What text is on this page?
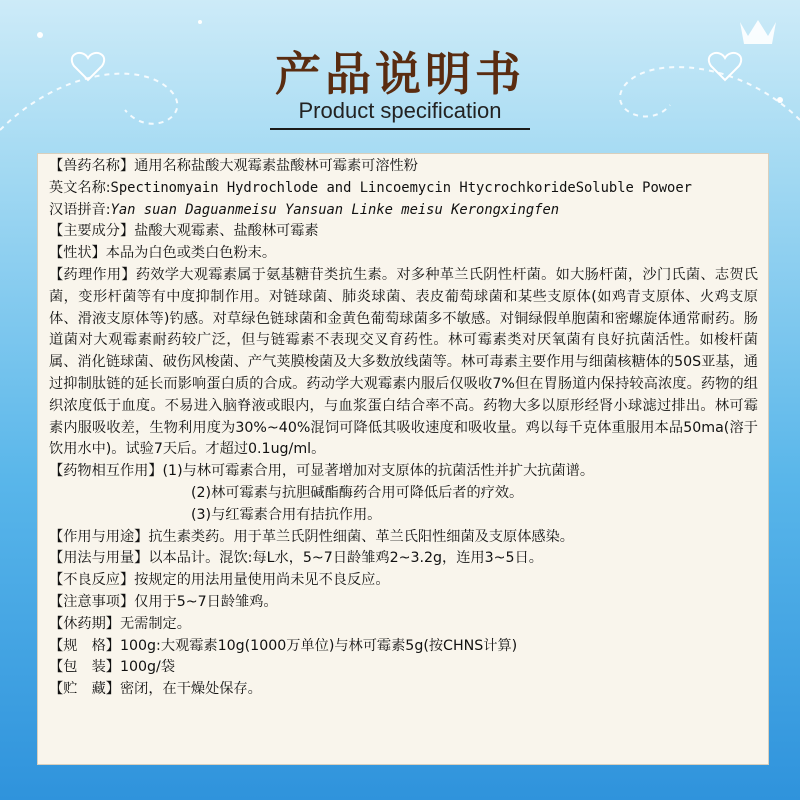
产品说明书
Product specification
【兽药名称】通用名称盐酸大观霉素盐酸林可霉素可溶性粉
英文名称:Spectinomyain Hydrochlode and Lincoemycin HtycrochkorideSoluble Powoer
汉语拼音:Yan suan Daguanmeisu Yansuan Linke meisu Kerongxingfen
【主要成分】盐酸大观霉素、盐酸林可霉素
【性状】本品为白色或类白色粉末。
【药理作用】药效学大观霉素属于氨基糖苷类抗生素。对多种革兰氏阴性杆菌。如大肠杆菌，沙门氏菌、志贺氏菌，变形杆菌等有中度抑制作用。对链球菌、肺炎球菌、表皮葡萄球菌和某些支原体(如鸡青支原体、火鸡支原体、滑液支原体等)钓感。对草绿色链球菌和金黄色葡萄球菌多不敏感。对铜绿假单胞菌和密螺旋体通常耐药。肠道菌对大观霉素耐药较广泛，但与链霉素不表现交叉育药性。林可霉素类对厌氧菌有良好抗菌活性。如梭杆菌属、消化链球菌、破伤风梭菌、产气荚膜梭菌及大多数放线菌等。林可毒素主要作用与细菌核糖体的50S亚基，通过抑制肽链的延长而影响蛋白质的合成。药动学大观霉素内服后仅吸收7%但在胃肠道内保持较高浓度。药物的组织浓度低于血度。不易进入脑脊液或眼内，与血浆蛋白结合率不高。药物大多以原形经肾小球滤过排出。林可霉素内服吸收差，生物利用度为30%~40%混饲可降低其吸收速度和吸收量。鸡以每千克体重服用本品50ma(溶于饮用水中)。试验7天后。才超过0.1ug/ml。
【药物相互作用】(1)与林可霉素合用，可显著增加对支原体的抗菌活性并扩大抗菌谱。
(2)林可霉素与抗胆碱酯酶药合用可降低后者的疗效。
(3)与红霉素合用有拮抗作用。
【作用与用途】抗生素类药。用于革兰氏阴性细菌、革兰氏阳性细菌及支原体感染。
【用法与用量】以本品计。混饮:每L水，5~7日龄雏鸡2~3.2g，连用3~5日。
【不良反应】按规定的用法用量使用尚未见不良反应。
【注意事项】仅用于5~7日龄雏鸡。
【休药期】无需制定。
【规　格】100g:大观霉素10g(1000万单位)与林可霉素5g(按CHNS计算)
【包　装】100g/袋
【贮　藏】密闭，在干燥处保存。
